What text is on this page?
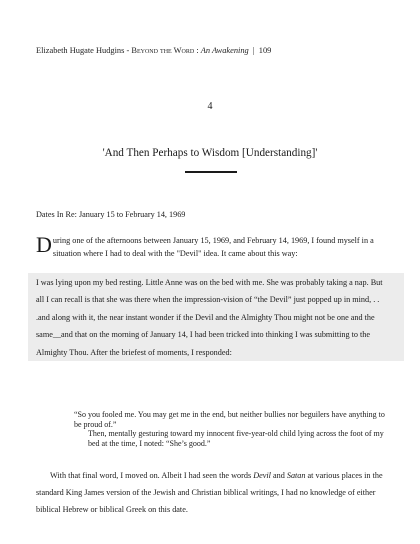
Elizabeth Hugate Hudgins - Beyond the Word : An Awakening  |  109
4
'And Then Perhaps to Wisdom [Understanding]'
Dates In Re: January 15 to February 14, 1969
During one of the afternoons between January 15, 1969, and February 14, 1969, I found myself in a situation where I had to deal with the "Devil" idea. It came about this way:
I was lying upon my bed resting. Little Anne was on the bed with me. She was probably taking a nap. But all I can recall is that she was there when the impression-vision of “the Devil” just popped up in mind, . . .and along with it, the near instant wonder if the Devil and the Almighty Thou might not be one and the same__and that on the morning of January 14, I had been tricked into thinking I was submitting to the Almighty Thou. After the briefest of moments, I responded:
“So you fooled me. You may get me in the end, but neither bullies nor beguilers have anything to be proud of.”
Then, mentally gesturing toward my innocent five-year-old child lying across the foot of my bed at the time, I noted: “She’s good.”
With that final word, I moved on. Albeit I had seen the words Devil and Satan at various places in the standard King James version of the Jewish and Christian biblical writings, I had no knowledge of either biblical Hebrew or biblical Greek on this date.
